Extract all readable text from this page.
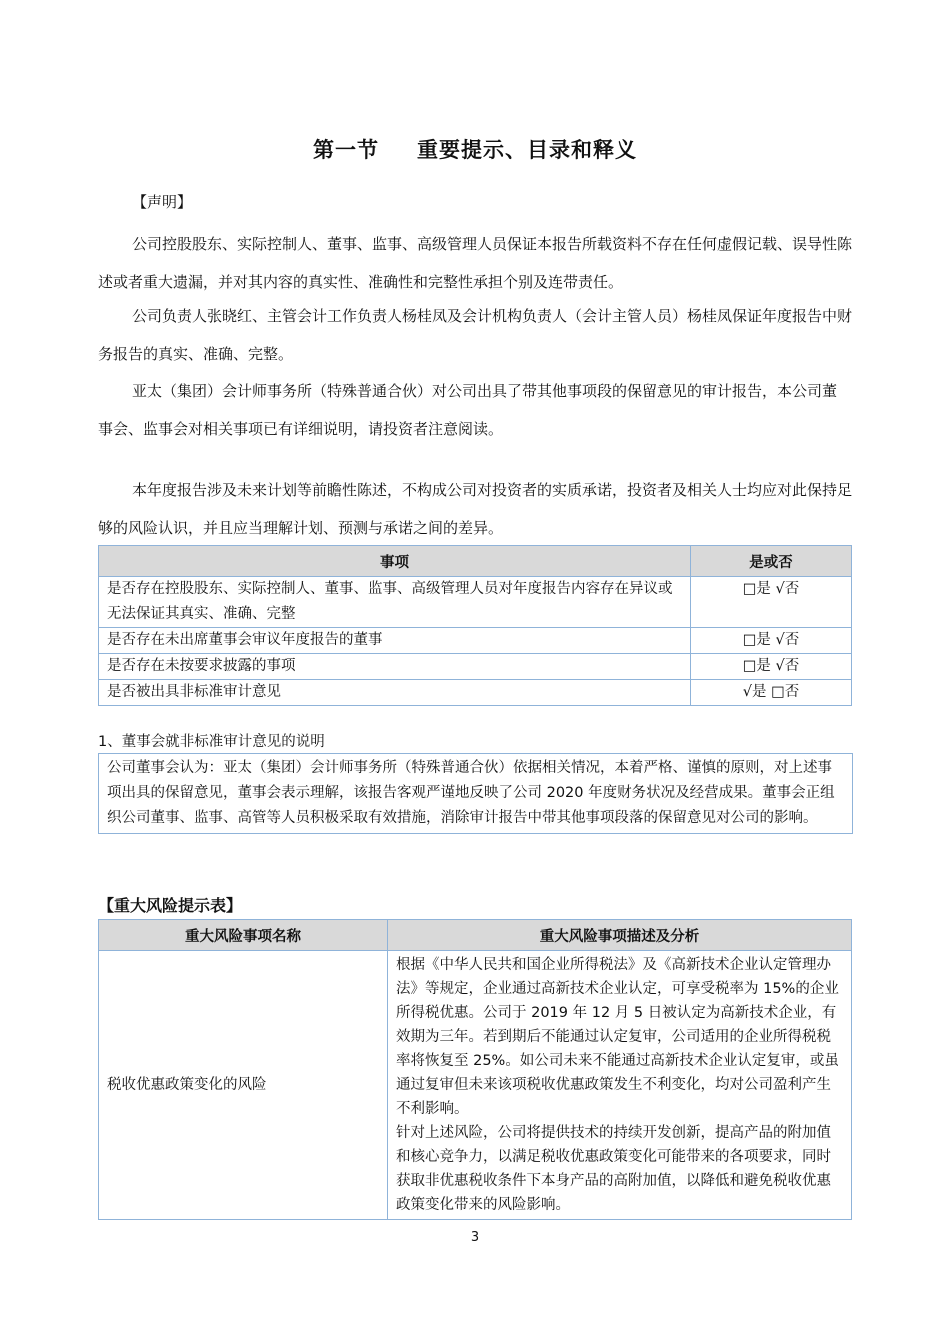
第一节 重要提示、目录和释义
【声明】
公司控股股东、实际控制人、董事、监事、高级管理人员保证本报告所载资料不存在任何虚假记载、误导性陈述或者重大遗漏，并对其内容的真实性、准确性和完整性承担个别及连带责任。
公司负责人张晓红、主管会计工作负责人杨桂凤及会计机构负责人（会计主管人员）杨桂凤保证年度报告中财务报告的真实、准确、完整。
亚太（集团）会计师事务所（特殊普通合伙）对公司出具了带其他事项段的保留意见的审计报告，本公司董事会、监事会对相关事项已有详细说明，请投资者注意阅读。
本年度报告涉及未来计划等前瞻性陈述，不构成公司对投资者的实质承诺，投资者及相关人士均应对此保持足够的风险认识，并且应当理解计划、预测与承诺之间的差异。
事项	是或否
是否存在控股股东、实际控制人、董事、监事、高级管理人员对年度报告内容存在异议或无法保证其真实、准确、完整	□是 √否
是否存在未出席董事会审议年度报告的董事	□是 √否
是否存在未按要求披露的事项	□是 √否
是否被出具非标准审计意见	√是 □否
1、董事会就非标准审计意见的说明
公司董事会认为：亚太（集团）会计师事务所（特殊普通合伙）依据相关情况，本着严格、谨慎的原则，对上述事项出具的保留意见，董事会表示理解，该报告客观严谨地反映了公司 2020 年度财务状况及经营成果。董事会正组织公司董事、监事、高管等人员积极采取有效措施，消除审计报告中带其他事项段落的保留意见对公司的影响。
【重大风险提示表】
重大风险事项名称	重大风险事项描述及分析
税收优惠政策变化的风险	根据《中华人民共和国企业所得税法》及《高新技术企业认定管理办法》等规定，企业通过高新技术企业认定，可享受税率为 15%的企业所得税优惠。公司于 2019 年 12 月 5 日被认定为高新技术企业，有效期为三年。若到期后不能通过认定复审，公司适用的企业所得税税率将恢复至 25%。如公司未来不能通过高新技术企业认定复审，或虽通过复审但未来该项税收优惠政策发生不利变化，均对公司盈利产生不利影响。
针对上述风险，公司将提供技术的持续开发创新，提高产品的附加值和核心竞争力，以满足税收优惠政策变化可能带来的各项要求，同时获取非优惠税收条件下本身产品的高附加值，以降低和避免税收优惠政策变化带来的风险影响。
3
